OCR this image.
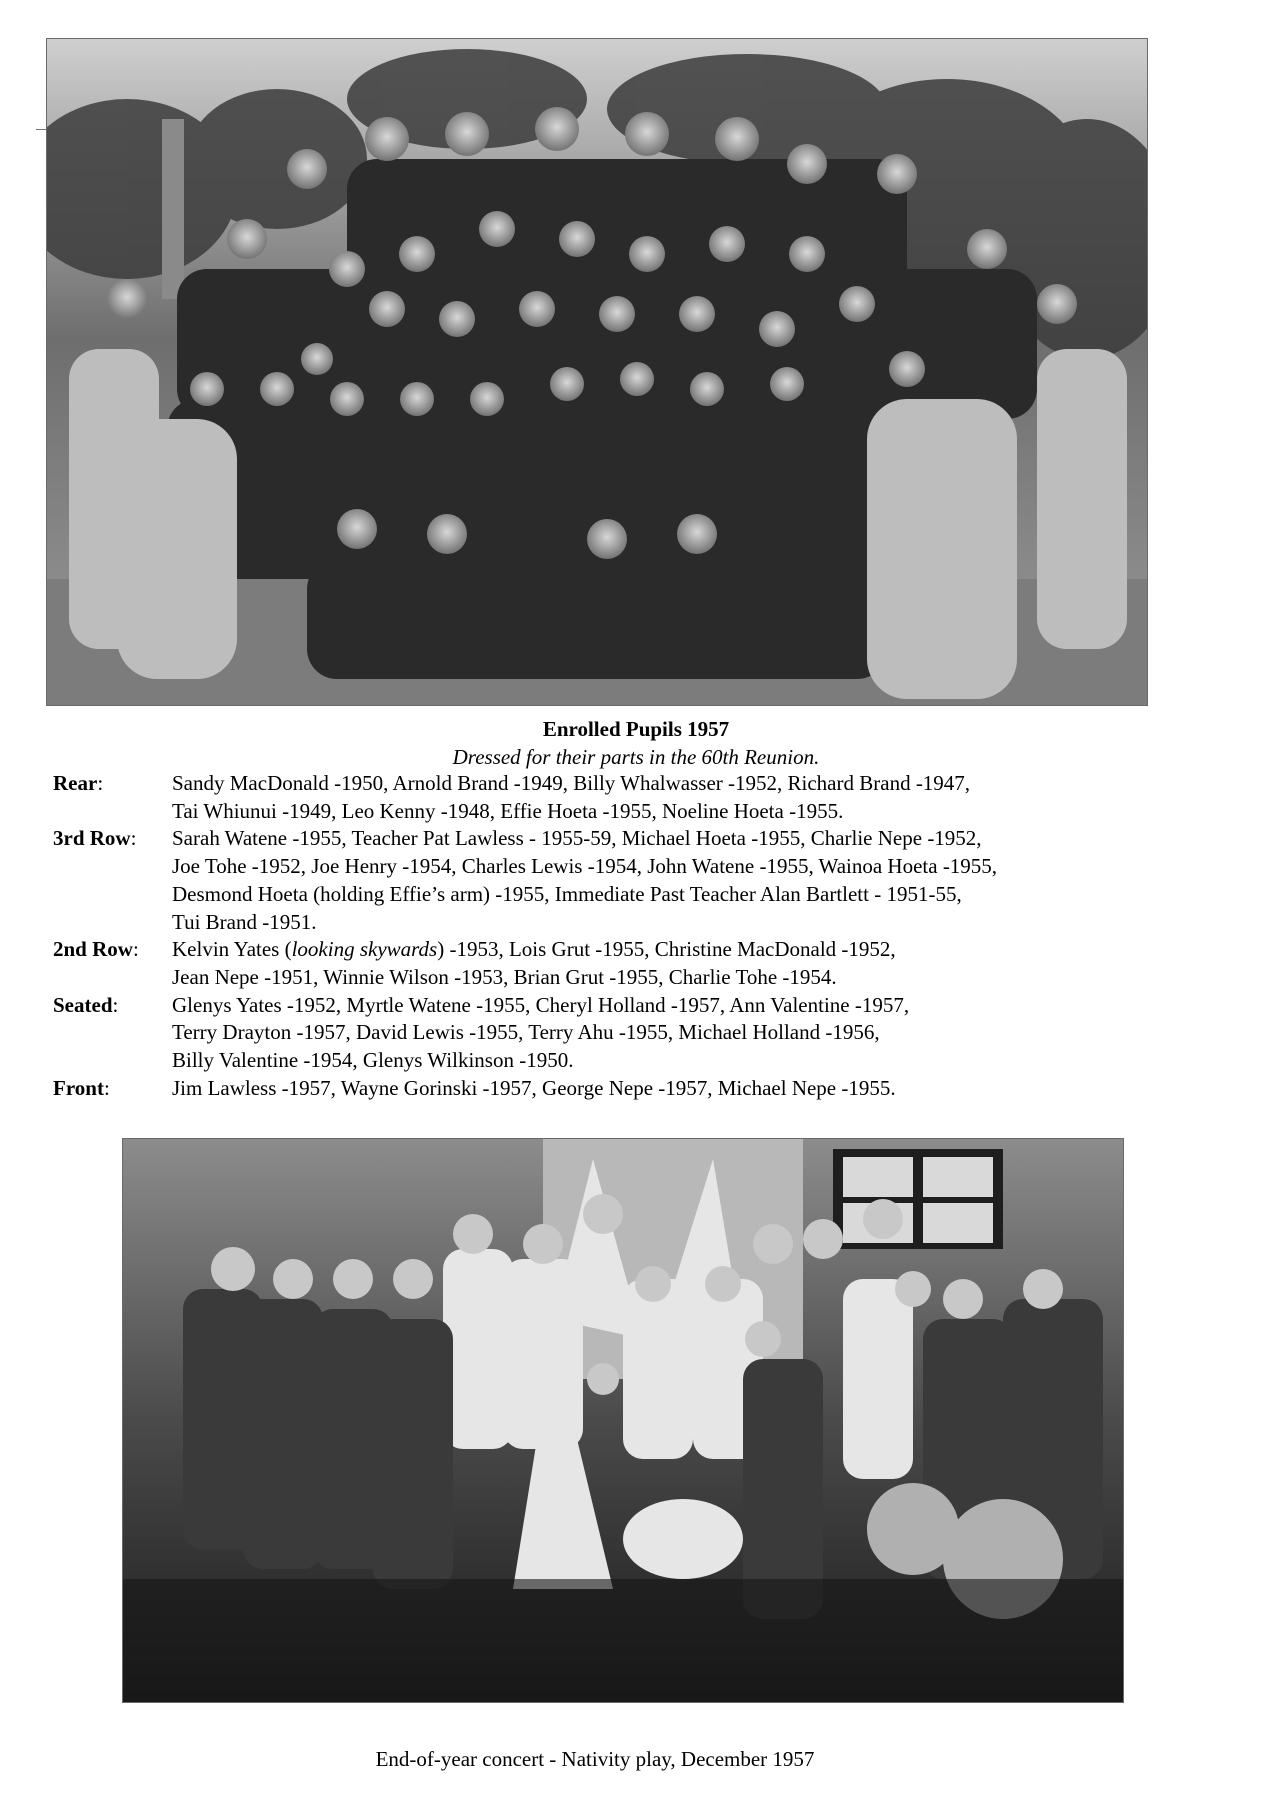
Enrolled Pupils 1957
Dressed for their parts in the 60th Reunion.
Rear:	Sandy MacDonald -1950, Arnold Brand -1949, Billy Whalwasser -1952, Richard Brand -1947,
Tai Whiunui -1949, Leo Kenny -1948, Effie Hoeta -1955, Noeline Hoeta -1955.
3rd Row:	Sarah Watene -1955, Teacher Pat Lawless - 1955-59, Michael Hoeta -1955, Charlie Nepe -1952,
Joe Tohe -1952, Joe Henry -1954, Charles Lewis -1954, John Watene -1955, Wainoa Hoeta -1955,
Desmond Hoeta (holding Effie’s arm) -1955, Immediate Past Teacher Alan Bartlett - 1951-55,
Tui Brand -1951.
2nd Row:	Kelvin Yates (looking skywards) -1953, Lois Grut -1955, Christine MacDonald -1952,
Jean Nepe -1951, Winnie Wilson -1953, Brian Grut -1955, Charlie Tohe -1954.
Seated:	Glenys Yates -1952, Myrtle Watene -1955, Cheryl Holland -1957, Ann Valentine -1957,
Terry Drayton -1957, David Lewis -1955, Terry Ahu -1955, Michael Holland -1956,
Billy Valentine -1954, Glenys Wilkinson -1950.
Front:	Jim Lawless -1957, Wayne Gorinski -1957, George Nepe -1957, Michael Nepe -1955.
End-of-year concert - Nativity play, December 1957
